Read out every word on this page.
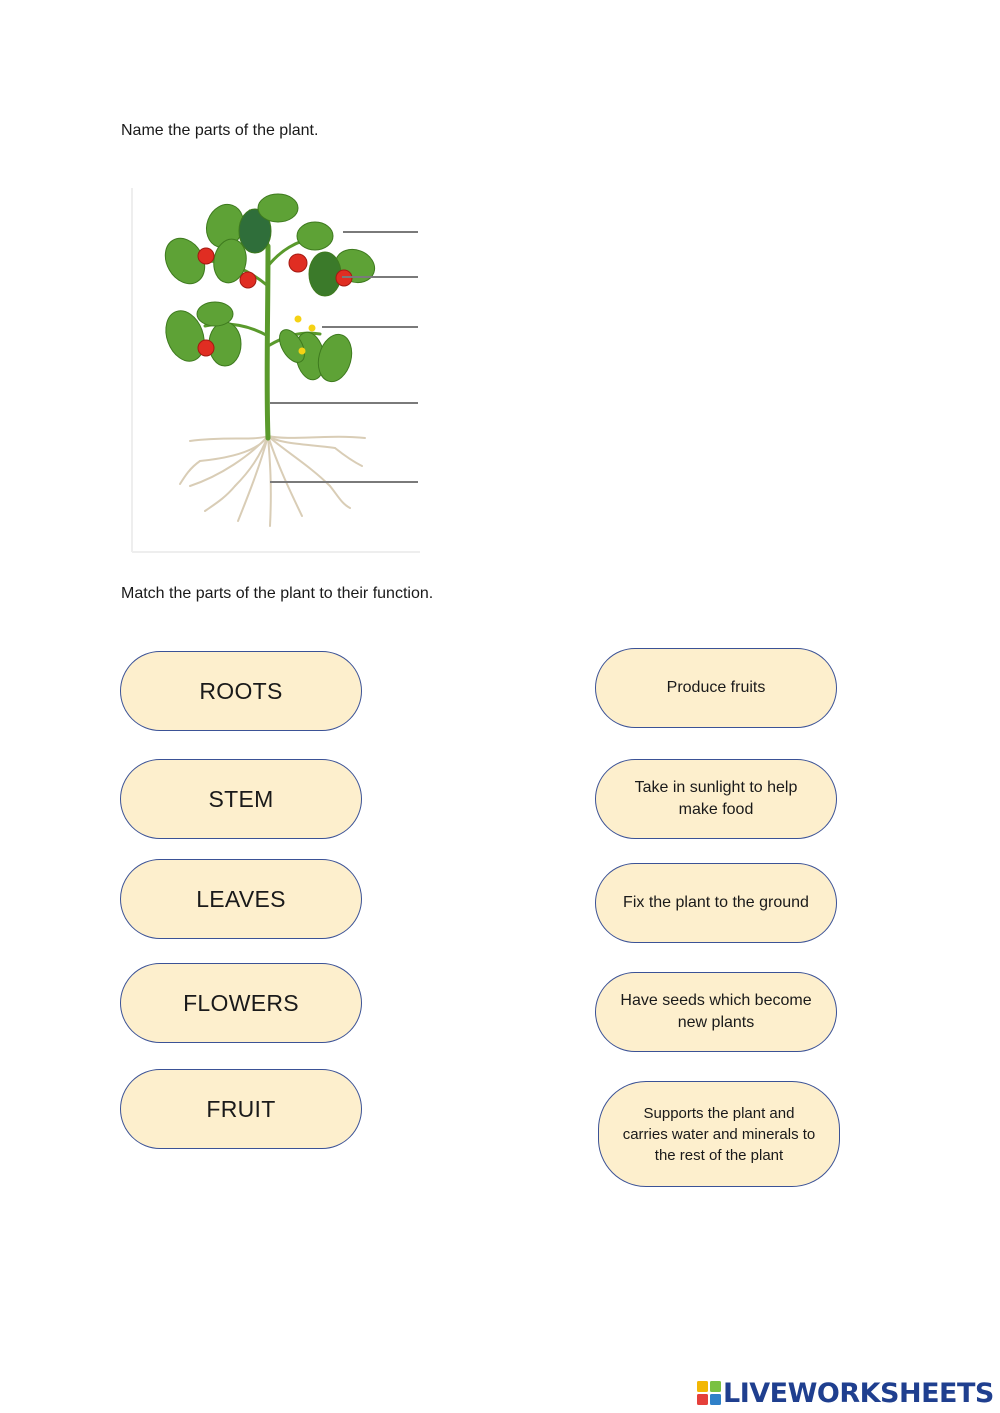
Name the parts of the plant.
Match the parts of the plant to their function.
ROOTS
STEM
LEAVES
FLOWERS
FRUIT
Produce fruits
Take in sunlight to help make food
Fix the plant to the ground
Have seeds which become new plants
Supports the plant and carries water and minerals to the rest of the plant
LIVEWORKSHEETS
